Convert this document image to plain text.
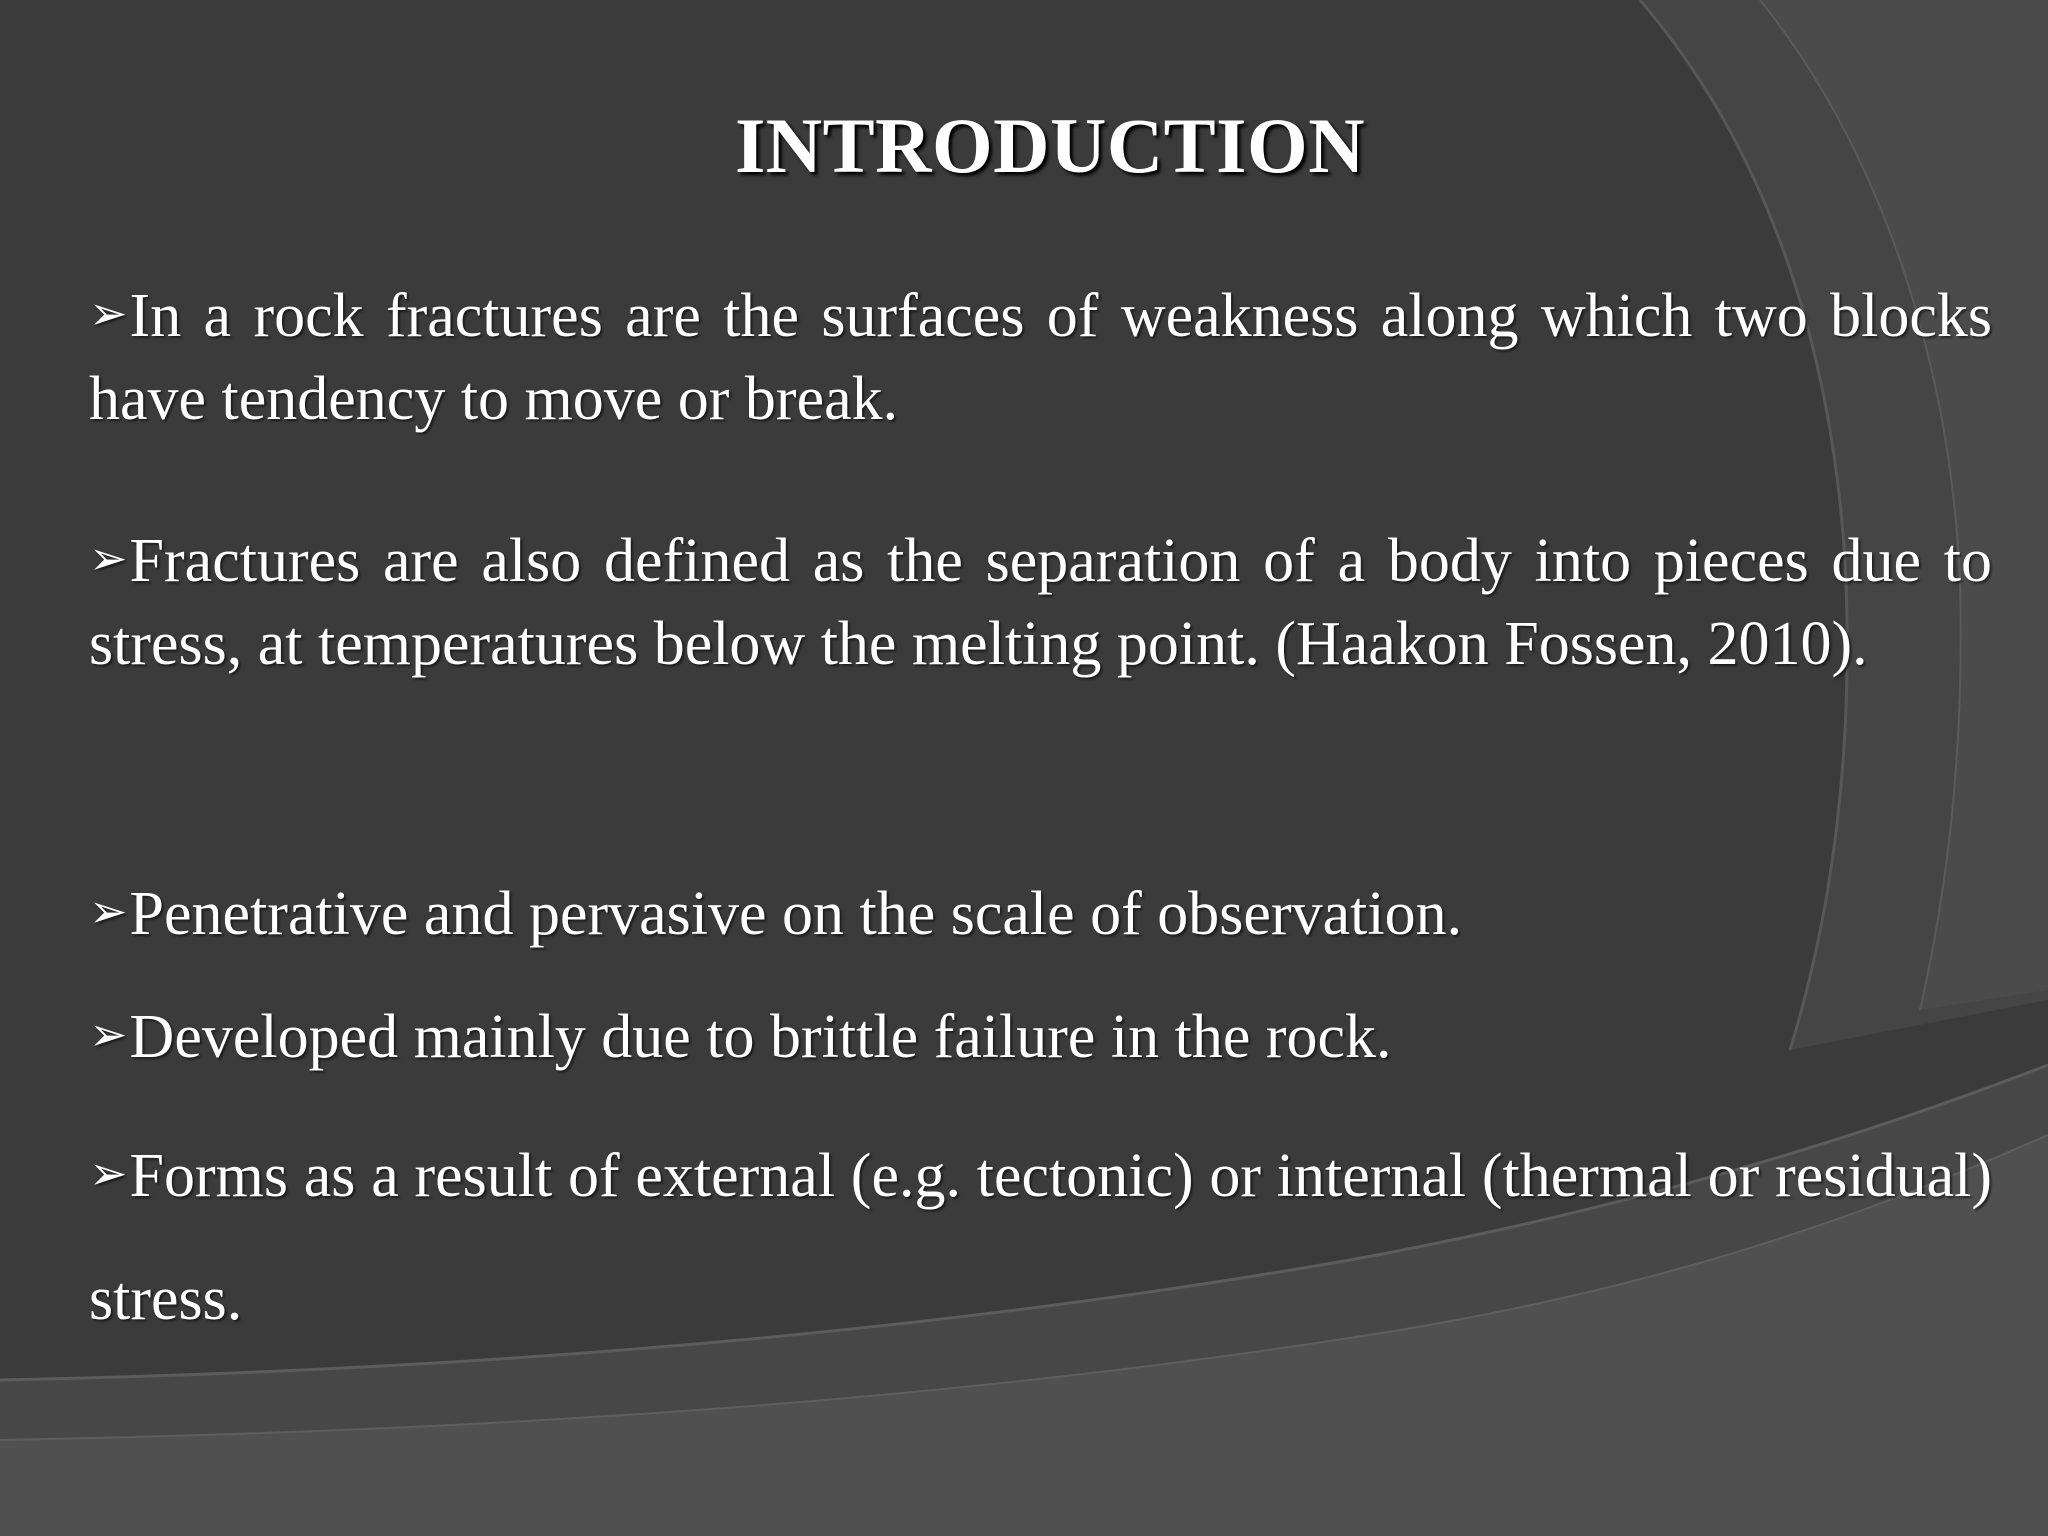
INTRODUCTION

➢In a rock fractures are the surfaces of weakness along which two blocks have tendency to move or break.

➢Fractures are also defined as the separation of a body into pieces due to stress, at temperatures below the melting point. (Haakon Fossen, 2010).

➢Penetrative and pervasive on the scale of observation.

➢Developed mainly due to brittle failure in the rock.

➢Forms as a result of external (e.g. tectonic) or internal (thermal or residual) stress.
